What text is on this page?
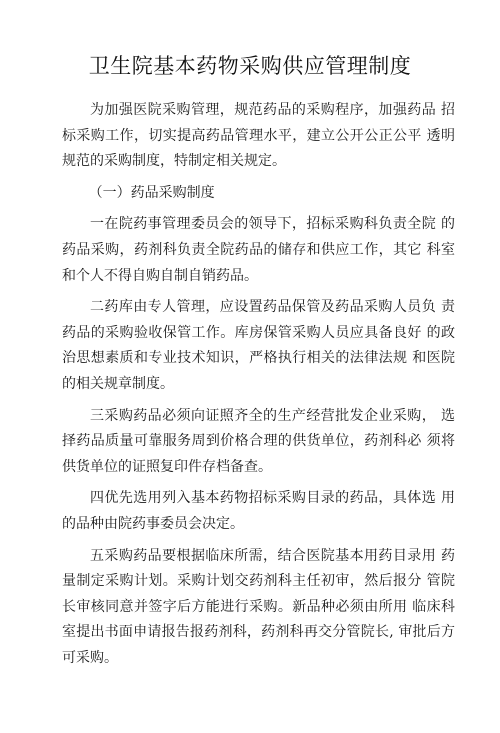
卫生院基本药物采购供应管理制度

为加强医院采购管理，规范药品的采购程序，加强药品 招标采购工作，切实提高药品管理水平，建立公开公正公平 透明规范的采购制度，特制定相关规定。

（一）药品采购制度

一在院药事管理委员会的领导下，招标采购科负责全院 的药品采购，药剂科负责全院药品的储存和供应工作，其它 科室和个人不得自购自制自销药品。

二药库由专人管理，应设置药品保管及药品采购人员负 责药品的采购验收保管工作。库房保管采购人员应具备良好 的政治思想素质和专业技术知识，严格执行相关的法律法规 和医院的相关规章制度。

三采购药品必须向证照齐全的生产经营批发企业采购， 选择药品质量可靠服务周到价格合理的供货单位，药剂科必 须将供货单位的证照复印件存档备查。

四优先选用列入基本药物招标采购目录的药品，具体选 用的品种由院药事委员会决定。

五采购药品要根据临床所需，结合医院基本用药目录用 药量制定采购计划。采购计划交药剂科主任初审，然后报分 管院长审核同意并签字后方能进行采购。新品种必须由所用 临床科室提出书面申请报告报药剂科，药剂科再交分管院长, 审批后方可采购。
